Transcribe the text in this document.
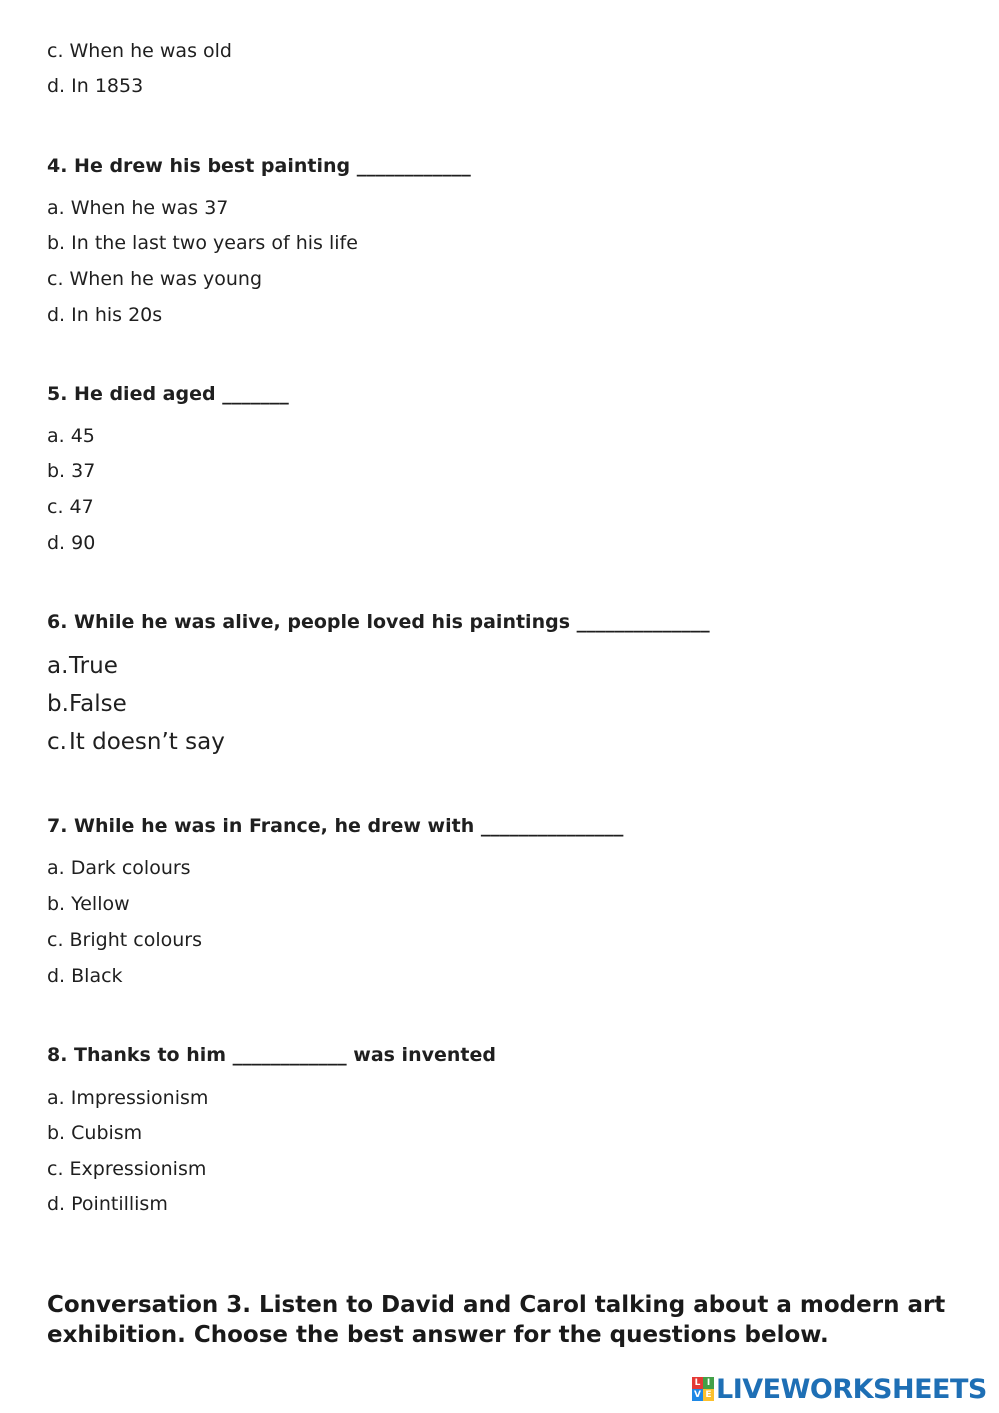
c. When he was old
d. In 1853
4. He drew his best painting ____________
a. When he was 37
b. In the last two years of his life
c. When he was young
d. In his 20s
5. He died aged _______
a. 45
b. 37
c. 47
d. 90
6. While he was alive, people loved his paintings ______________
a.True
b.False
c.It doesn’t say
7. While he was in France, he drew with _______________
a. Dark colours
b. Yellow
c. Bright colours
d. Black
8. Thanks to him ____________ was invented
a. Impressionism
b. Cubism
c. Expressionism
d. Pointillism
Conversation 3. Listen to David and Carol talking about a modern art exhibition. Choose the best answer for the questions below.
L I
V E LIVEWORKSHEETS
